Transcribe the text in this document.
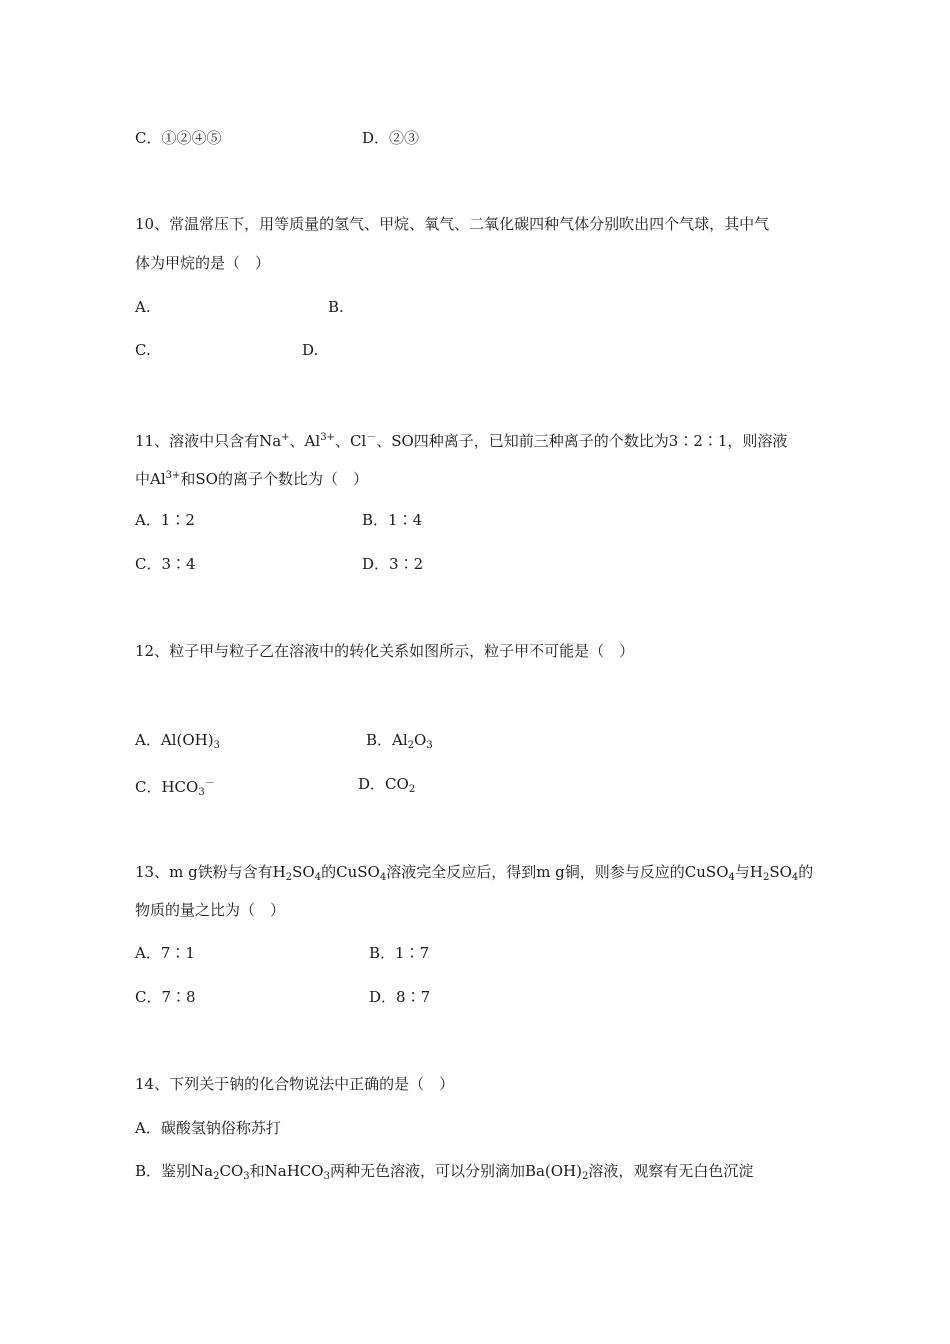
C．①②④⑤	D．②③
10、常温常压下，用等质量的氢气、甲烷、氧气、二氧化碳四种气体分别吹出四个气球，其中气
体为甲烷的是（　）
A.	B.
C.	D.
11、溶液中只含有Na+、$Al^{3+}$、Cl－、SO四种离子，已知前三种离子的个数比为3∶2∶1，则溶液
中$Al^{3+}$和SO的离子个数比为（　）
A．1∶2	B．1∶4
C．3∶4	D．3∶2
12、粒子甲与粒子乙在溶液中的转化关系如图所示，粒子甲不可能是（　）
A．$Al(OH)_3$	B．$Al_2O_3$
C．$HCO_3^-$	D．$CO_2$
13、m g铁粉与含有$H_2SO_4$的CuSO$_4$溶液完全反应后，得到m g铜，则参与反应的CuSO$_4$与$H_2SO_4$的
物质的量之比为（　）
A．7∶1	B．1∶7
C．7∶8	D．8∶7
14、下列关于钠的化合物说法中正确的是（　）
A．碳酸氢钠俗称苏打
B．鉴别$Na_2CO_3$和NaHCO$_3$两种无色溶液，可以分别滴加$Ba(OH)_2$溶液，观察有无白色沉淀
